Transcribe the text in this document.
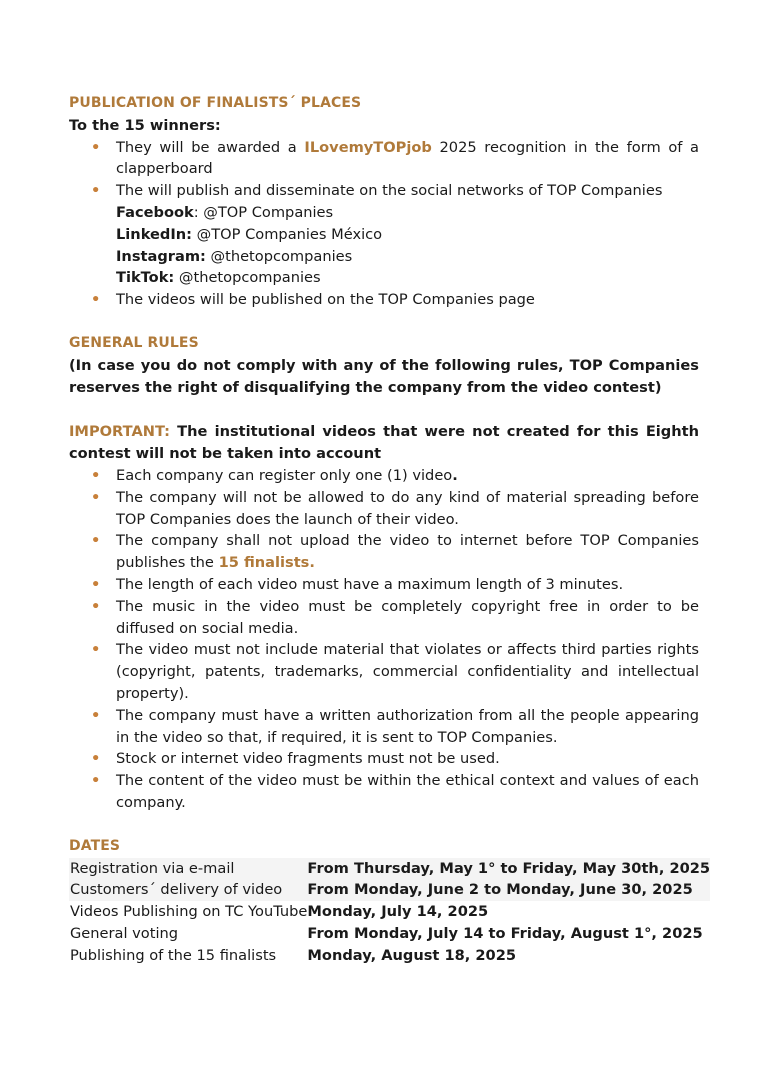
PUBLICATION OF FINALISTS´ PLACES
To the 15 winners:
• They will be awarded a ILovemyTOPjob 2025 recognition in the form of a clapperboard
• The will publish and disseminate on the social networks of TOP Companies
Facebook: @TOP Companies
LinkedIn: @TOP Companies México
Instagram: @thetopcompanies
TikTok: @thetopcompanies
• The videos will be published on the TOP Companies page
GENERAL RULES
(In case you do not comply with any of the following rules, TOP Companies reserves the right of disqualifying the company from the video contest)
IMPORTANT: The institutional videos that were not created for this Eighth contest will not be taken into account
• Each company can register only one (1) video.
• The company will not be allowed to do any kind of material spreading before TOP Companies does the launch of their video.
• The company shall not upload the video to internet before TOP Companies publishes the 15 finalists.
• The length of each video must have a maximum length of 3 minutes.
• The music in the video must be completely copyright free in order to be diffused on social media.
• The video must not include material that violates or affects third parties rights (copyright, patents, trademarks, commercial confidentiality and intellectual property).
• The company must have a written authorization from all the people appearing in the video so that, if required, it is sent to TOP Companies.
• Stock or internet video fragments must not be used.
• The content of the video must be within the ethical context and values of each company.
DATES
Registration via e-mail	From Thursday, May 1° to Friday, May 30th, 2025
Customers´ delivery of video	From Monday, June 2 to Monday, June 30, 2025
Videos Publishing on TC YouTube	Monday, July 14, 2025
General voting	From Monday, July 14 to Friday, August 1°, 2025
Publishing of the 15 finalists	Monday, August 18, 2025
